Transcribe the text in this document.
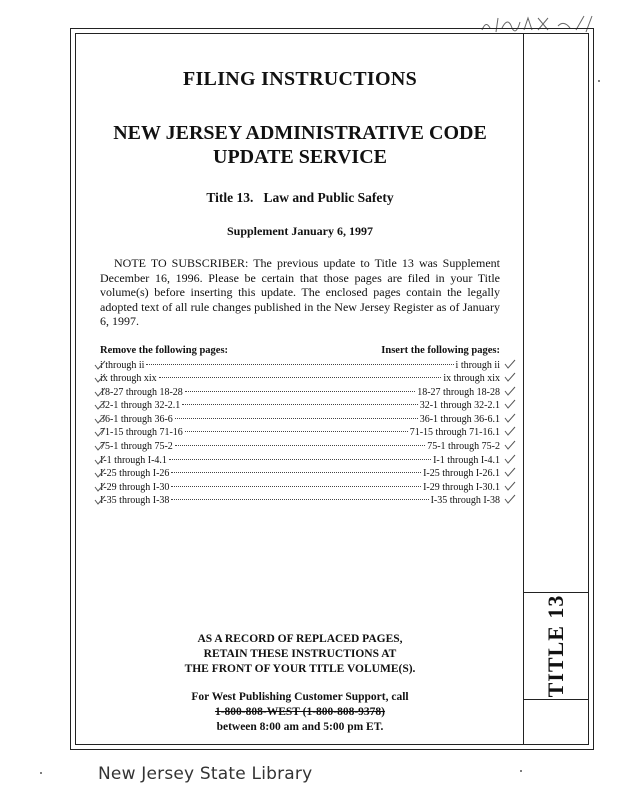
TITLE 13
FILING INSTRUCTIONS
NEW JERSEY ADMINISTRATIVE CODE
UPDATE SERVICE
Title 13.   Law and Public Safety
Supplement January 6, 1997

NOTE TO SUBSCRIBER: The previous update to Title 13 was Supplement December 16, 1996. Please be certain that those pages are filed in your Title volume(s) before inserting this update. The enclosed pages contain the legally adopted text of all rule changes published in the New Jersey Register as of January 6, 1997.

Remove the following pages:	Insert the following pages:
i through ii	i through ii
ix through xix	ix through xix
18-27 through 18-28	18-27 through 18-28
32-1 through 32-2.1	32-1 through 32-2.1
36-1 through 36-6	36-1 through 36-6.1
71-15 through 71-16	71-15 through 71-16.1
75-1 through 75-2	75-1 through 75-2
I-1 through I-4.1	I-1 through I-4.1
I-25 through I-26	I-25 through I-26.1
I-29 through I-30	I-29 through I-30.1
I-35 through I-38	I-35 through I-38

AS A RECORD OF REPLACED PAGES,

RETAIN THESE INSTRUCTIONS AT

THE FRONT OF YOUR TITLE VOLUME(S).

For West Publishing Customer Support, call

1-800-808-WEST (1-800-808-9378)

between 8:00 am and 5:00 pm ET.

New Jersey State Library
